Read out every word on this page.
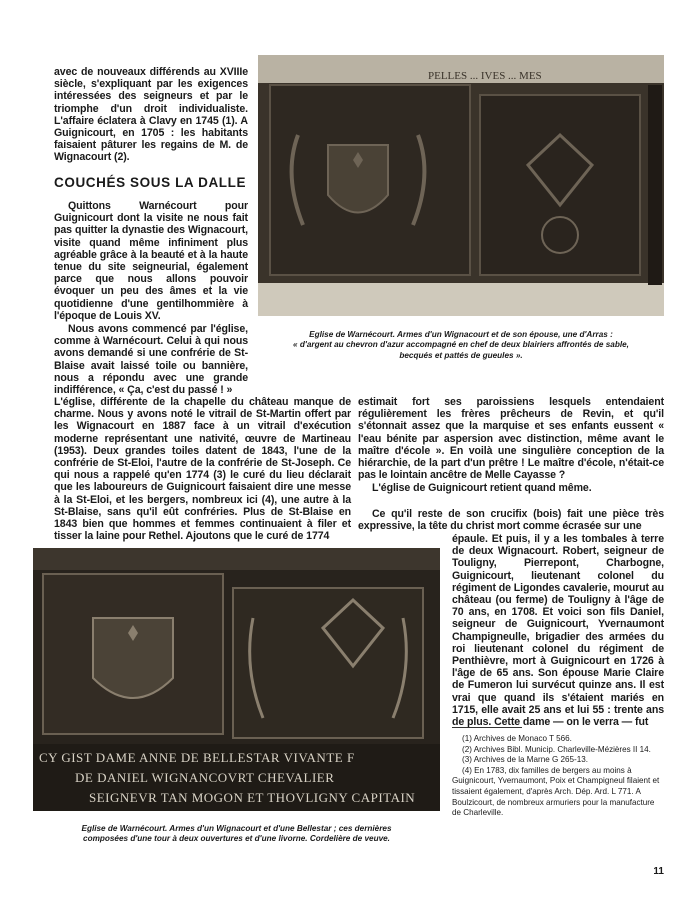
avec de nouveaux différends au XVIIIe siècle, s'expliquant par les exigences intéressées des seigneurs et par le triomphe d'un droit individualiste. L'affaire éclatera à Clavy en 1745 (1). A Guignicourt, en 1705 : les habitants faisaient pâturer les regains de M. de Wignacourt (2).
COUCHÉS SOUS LA DALLE
Quittons Warnécourt pour Guignicourt dont la visite ne nous fait pas quitter la dynastie des Wignacourt, visite quand même infiniment plus agréable grâce à la beauté et à la haute tenue du site seigneurial, également parce que nous allons pouvoir évoquer un peu des âmes et la vie quotidienne d'une gentilhommière à l'époque de Louis XV.
Nous avons commencé par l'église, comme à Warnécourt. Celui à qui nous avons demandé si une confrérie de St-Blaise avait laissé toile ou bannière, nous a répondu avec une grande indifférence, « Ça, c'est du passé ! »
L'église, différente de la chapelle du château manque de charme. Nous y avons noté le vitrail de St-Martin offert par les Wignacourt en 1887 face à un vitrail d'exécution moderne représentant une nativité, œuvre de Martineau (1953). Deux grandes toiles datent de 1843, l'une de la confrérie de St-Eloi, l'autre de la confrérie de St-Joseph. Ce qui nous a rappelé qu'en 1774 (3) le curé du lieu déclarait que les laboureurs de Guignicourt faisaient dire une messe à la St-Eloi, et les bergers, nombreux ici (4), une autre à la St-Blaise, sans qu'il eût confréries. Plus de St-Blaise en 1843 bien que hommes et femmes continuaient à filer et tisser la laine pour Rethel. Ajoutons que le curé de 1774
PELLES ... IVES ... MES
Eglise de Warnécourt. Armes d'un Wignacourt et de son épouse, une d'Arras :
« d'argent au chevron d'azur accompagné en chef de deux blairiers affrontés de sable,
becqués et pattés de gueules ».
estimait fort ses paroissiens lesquels entendaient régulièrement les frères prêcheurs de Revin, et qu'il s'étonnait assez que la marquise et ses enfants eussent « l'eau bénite par aspersion avec distinction, même avant le maître d'école ». En voilà une singulière conception de la hiérarchie, de la part d'un prêtre ! Le maître d'école, n'était-ce pas le lointain ancêtre de Melle Cayasse ?
L'église de Guignicourt retient quand même.
Ce qu'il reste de son crucifix (bois) fait une pièce très expressive, la tête du christ mort comme écrasée sur une
épaule. Et puis, il y a les tombales à terre de deux Wignacourt. Robert, seigneur de Touligny, Pierrepont, Charbogne, Guignicourt, lieutenant colonel du régiment de Ligondes cavalerie, mourut au château (ou ferme) de Touligny à l'âge de 70 ans, en 1708. Et voici son fils Daniel, seigneur de Guignicourt, Yvernaumont Champigneulle, brigadier des armées du roi lieutenant colonel du régiment de Penthièvre, mort à Guignicourt en 1726 à l'âge de 65 ans. Son épouse Marie Claire de Fumeron lui survécut quinze ans. Il est vrai que quand ils s'étaient mariés en 1715, elle avait 25 ans et lui 55 : trente ans de plus. Cette dame — on le verra — fut
CY GIST DAME ANNE DE BELLESTAR VIVANTE F
DE DANIEL WIGNANCOVRT CHEVALIER
SEIGNEVR TAN MOGON ET THOVLIGNY CAPITAIN
Eglise de Warnécourt. Armes d'un Wignacourt et d'une Bellestar ; ces dernières
composées d'une tour à deux ouvertures et d'une livorne. Cordelière de veuve.

(1) Archives de Monaco T 566.

(2) Archives Bibl. Municip. Charleville-Mézières II 14.

(3) Archives de la Marne G 265-13.

(4) En 1783, dix familles de bergers au moins à Guignicourt, Yvernaumont, Poix et Champigneul filaient et tissaient également, d'après Arch. Dép. Ard. L 771. A Boulzicourt, de nombreux armuriers pour la manufacture de Charleville.

11
